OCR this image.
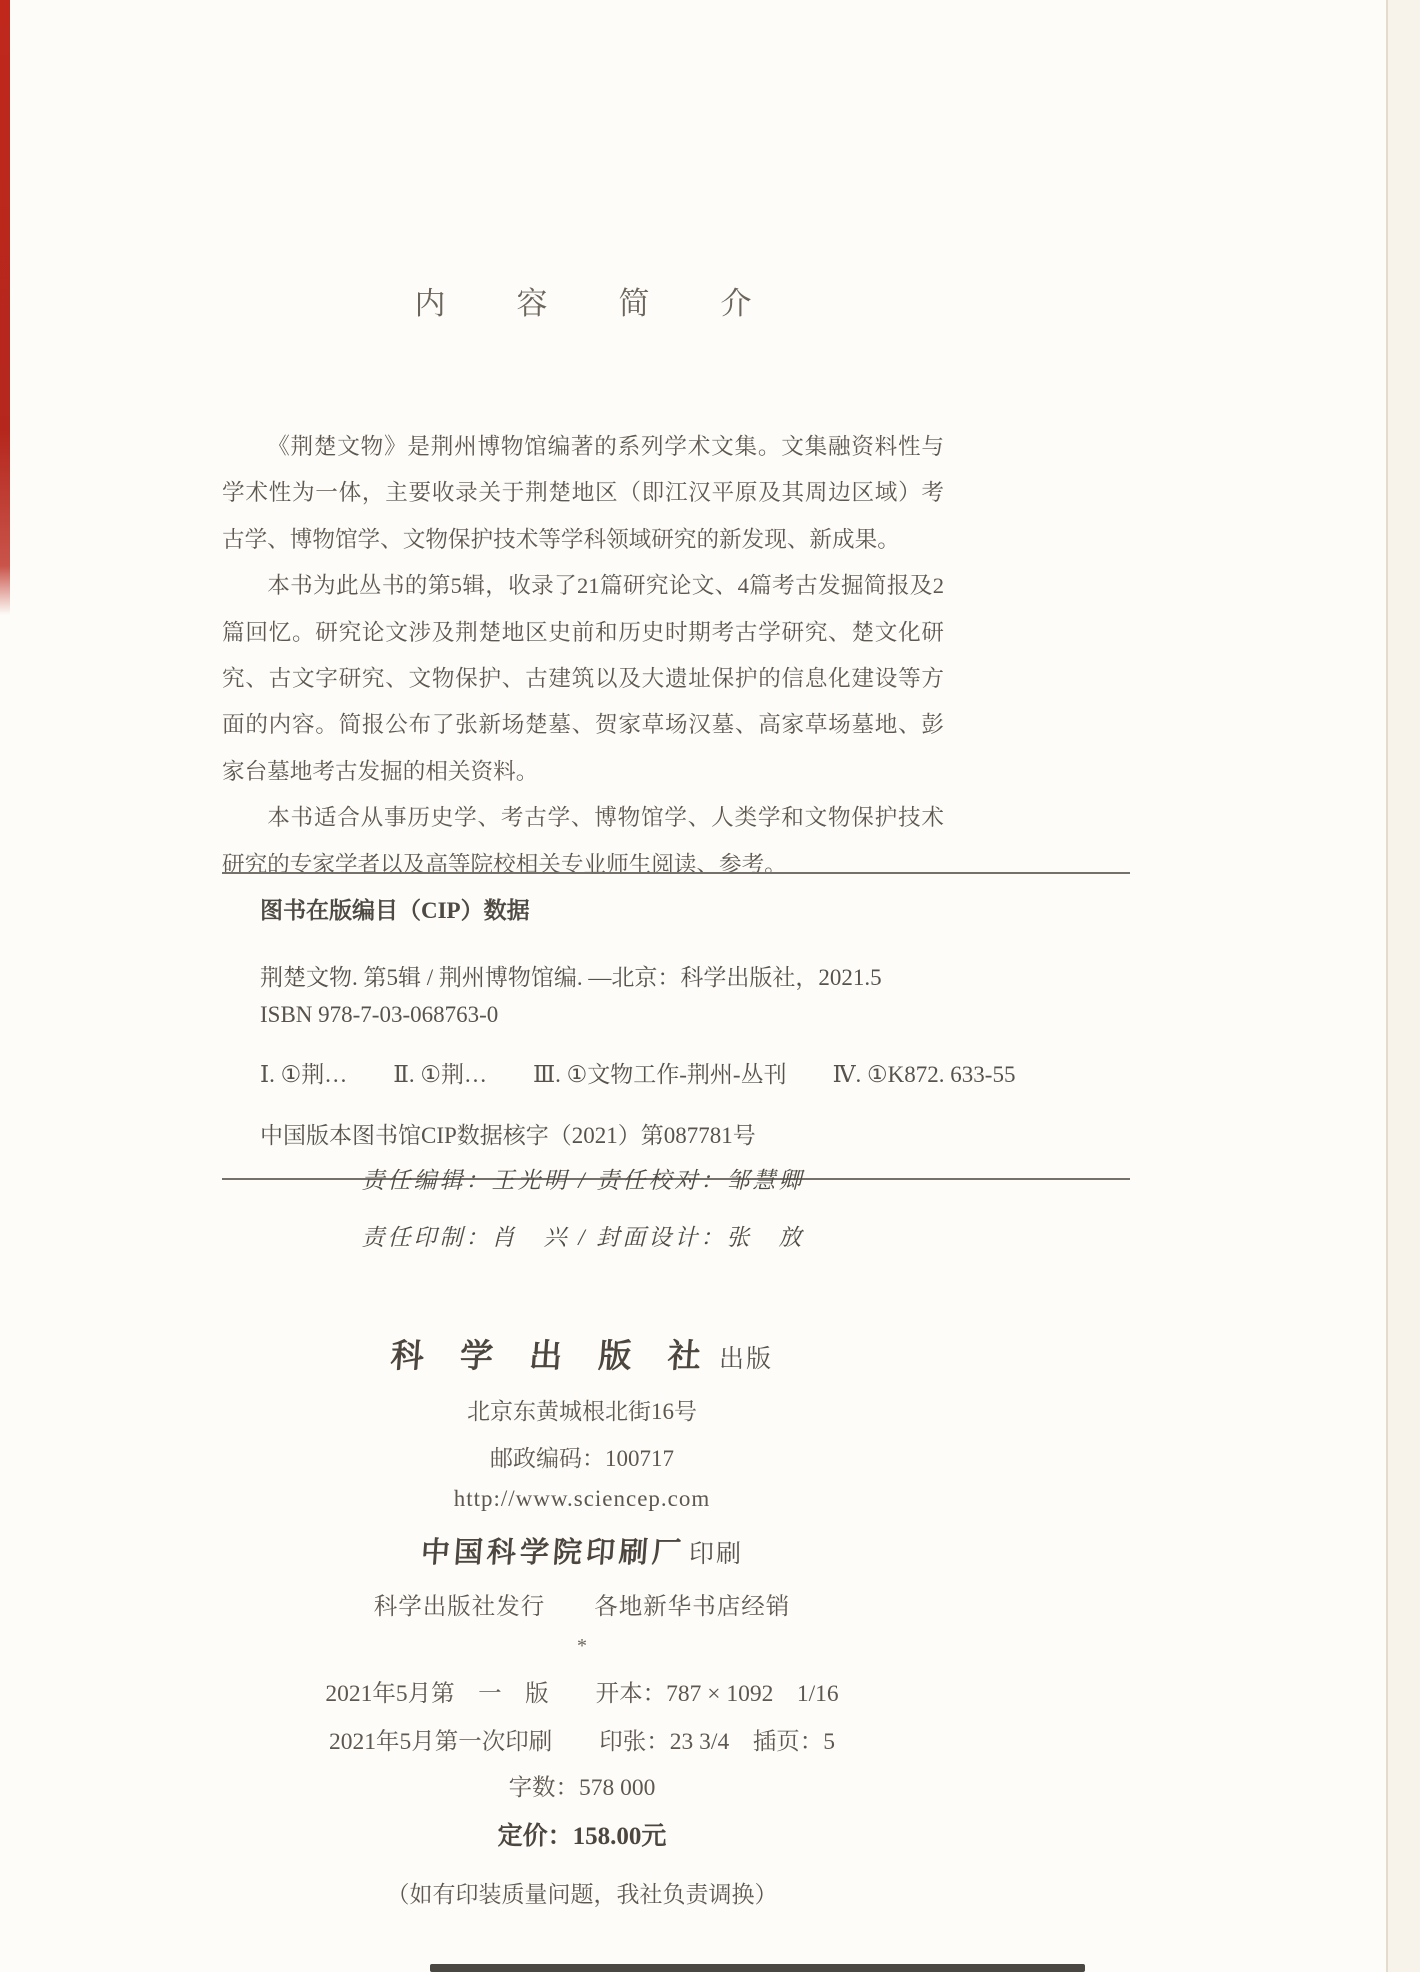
内　容　简　介

《荆楚文物》是荆州博物馆编著的系列学术文集。文集融资料性与学术性为一体，主要收录关于荆楚地区（即江汉平原及其周边区域）考古学、博物馆学、文物保护技术等学科领域研究的新发现、新成果。

本书为此丛书的第5辑，收录了21篇研究论文、4篇考古发掘简报及2篇回忆。研究论文涉及荆楚地区史前和历史时期考古学研究、楚文化研究、古文字研究、文物保护、古建筑以及大遗址保护的信息化建设等方面的内容。简报公布了张新场楚墓、贺家草场汉墓、高家草场墓地、彭家台墓地考古发掘的相关资料。

本书适合从事历史学、考古学、博物馆学、人类学和文物保护技术研究的专家学者以及高等院校相关专业师生阅读、参考。

图书在版编目（CIP）数据

荆楚文物. 第5辑 / 荆州博物馆编. —北京：科学出版社，2021.5

ISBN 978-7-03-068763-0

Ⅰ. ①荆…　　Ⅱ. ①荆…　　Ⅲ. ①文物工作-荆州-丛刊　　Ⅳ. ①K872. 633-55

中国版本图书馆CIP数据核字（2021）第087781号

责任编辑：王光明 / 责任校对：邹慧卿
责任印制：肖　兴 / 封面设计：张　放
科 学 出 版 社 出版
北京东黄城根北街16号
邮政编码：100717
http://www.sciencep.com
中国科学院印刷厂 印刷
科学出版社发行　　各地新华书店经销
*
2021年5月第　一　版　　开本：787 × 1092　1/16
2021年5月第一次印刷　　印张：23 3/4　插页：5
字数：578 000
定价：158.00元
（如有印装质量问题，我社负责调换）
